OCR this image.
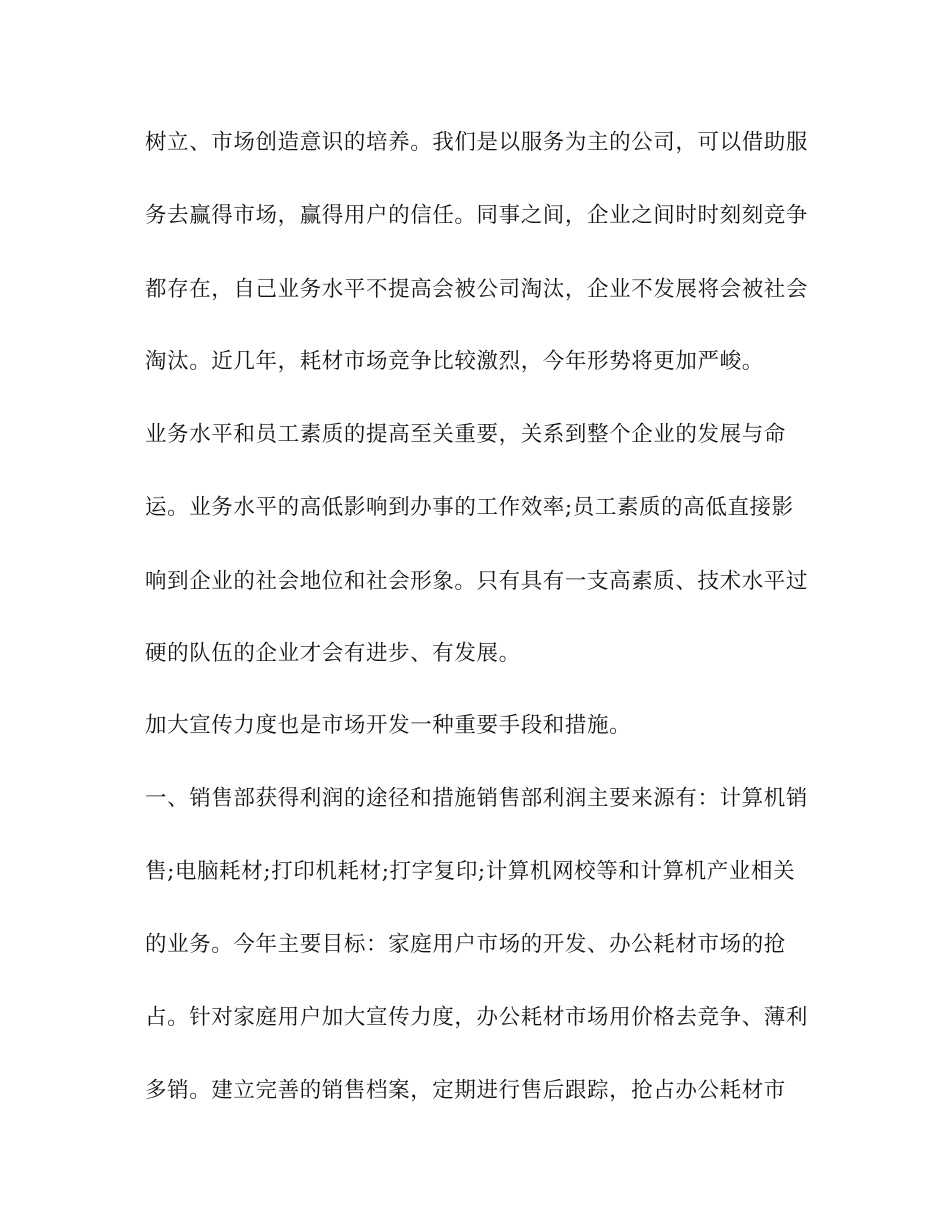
树立、市场创造意识的培养。我们是以服务为主的公司，可以借助服

务去赢得市场，赢得用户的信任。同事之间，企业之间时时刻刻竞争

都存在，自己业务水平不提高会被公司淘汰，企业不发展将会被社会

淘汰。近几年，耗材市场竞争比较激烈，今年形势将更加严峻。

业务水平和员工素质的提高至关重要，关系到整个企业的发展与命

运。业务水平的高低影响到办事的工作效率;员工素质的高低直接影

响到企业的社会地位和社会形象。只有具有一支高素质、技术水平过

硬的队伍的企业才会有进步、有发展。

加大宣传力度也是市场开发一种重要手段和措施。

一、销售部获得利润的途径和措施销售部利润主要来源有：计算机销

售;电脑耗材;打印机耗材;打字复印;计算机网校等和计算机产业相关

的业务。今年主要目标：家庭用户市场的开发、办公耗材市场的抢

占。针对家庭用户加大宣传力度，办公耗材市场用价格去竞争、薄利

多销。建立完善的销售档案，定期进行售后跟踪，抢占办公耗材市
